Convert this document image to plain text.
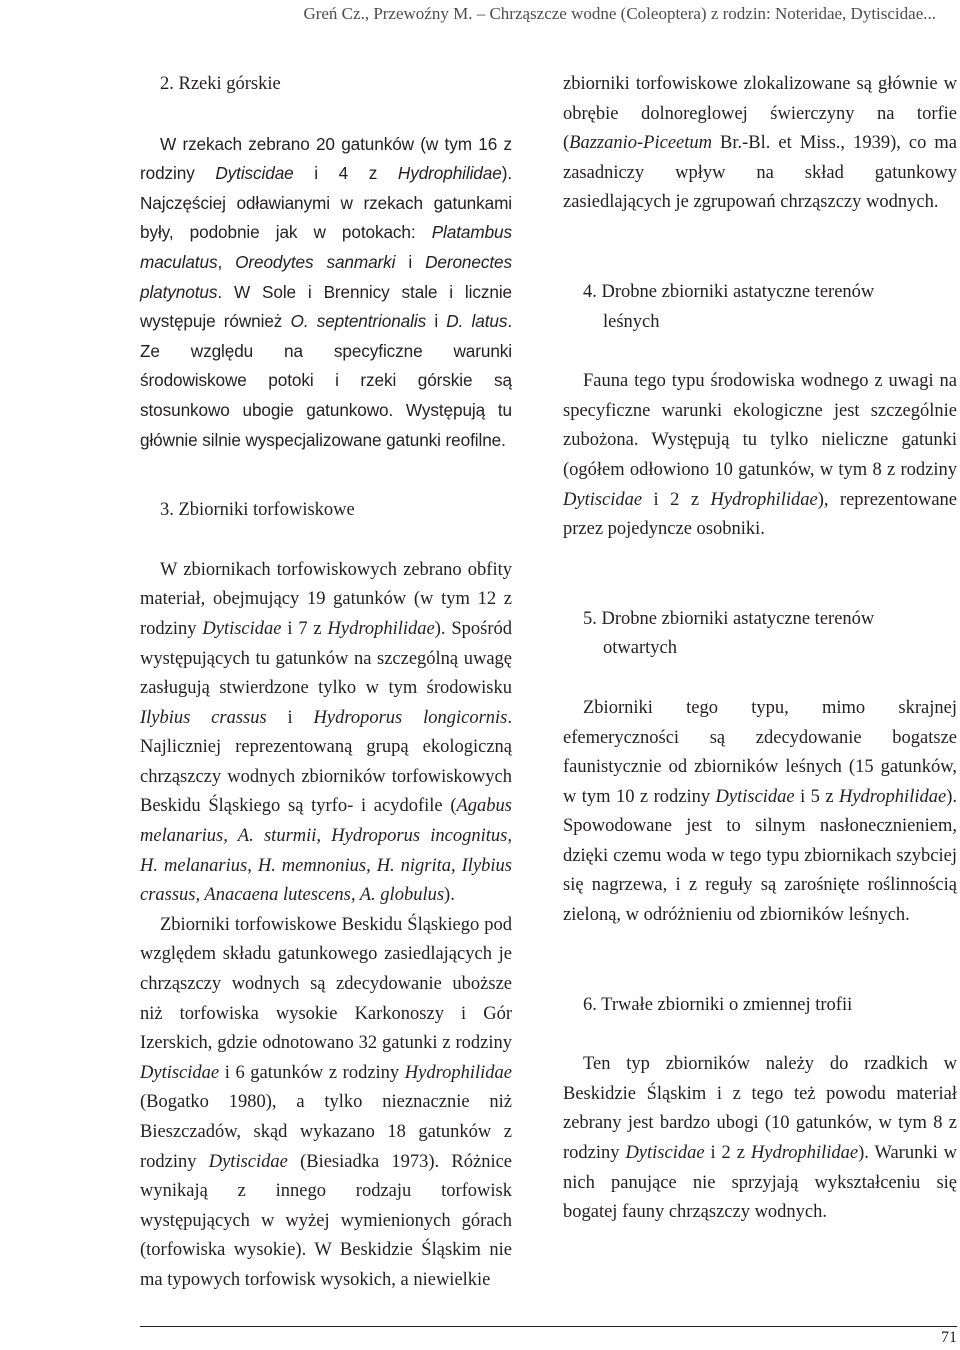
Greń Cz., Przewoźny M. – Chrząszcze wodne (Coleoptera) z rodzin: Noteridae, Dytiscidae...
2. Rzeki górskie

W rzekach zebrano 20 gatunków (w tym 16 z rodziny Dytiscidae i 4 z Hydrophilidae). Najczęściej odławianymi w rzekach gatunkami były, podobnie jak w potokach: Platambus maculatus, Oreodytes sanmarki i Deronectes platynotus. W Sole i Brennicy stale i licznie występuje również O. septentrionalis i D. latus. Ze względu na specyficzne warunki środowiskowe potoki i rzeki górskie są stosunkowo ubogie gatunkowo. Występują tu głównie silnie wyspecjalizowane gatunki reofilne.

3. Zbiorniki torfowiskowe

W zbiornikach torfowiskowych zebrano obfity materiał, obejmujący 19 gatunków (w tym 12 z rodziny Dytiscidae i 7 z Hydrophilidae). Spośród występujących tu gatunków na szczególną uwagę zasługują stwierdzone tylko w tym środowisku Ilybius crassus i Hydroporus longicornis. Najliczniej reprezentowaną grupą ekologiczną chrząszczy wodnych zbiorników torfowiskowych Beskidu Śląskiego są tyrfo- i acydofile (Agabus melanarius, A. sturmii, Hydroporus incognitus, H. melanarius, H. memnonius, H. nigrita, Ilybius crassus, Anacaena lutescens, A. globulus).

Zbiorniki torfowiskowe Beskidu Śląskiego pod względem składu gatunkowego zasiedlających je chrząszczy wodnych są zdecydowanie uboższe niż torfowiska wysokie Karkonoszy i Gór Izerskich, gdzie odnotowano 32 gatunki z rodziny Dytiscidae i 6 gatunków z rodziny Hydrophilidae (Bogatko 1980), a tylko nieznacznie niż Bieszczadów, skąd wykazano 18 gatunków z rodziny Dytiscidae (Biesiadka 1973). Różnice wynikają z innego rodzaju torfowisk występujących w wyżej wymienionych górach (torfowiska wysokie). W Beskidzie Śląskim nie ma typowych torfowisk wysokich, a niewielkie

zbiorniki torfowiskowe zlokalizowane są głównie w obrębie dolnoreglowej świerczyny na torfie (Bazzanio-Piceetum Br.-Bl. et Miss., 1939), co ma zasadniczy wpływ na skład gatunkowy zasiedlających je zgrupowań chrząszczy wodnych.

4. Drobne zbiorniki astatyczne terenów
leśnych

Fauna tego typu środowiska wodnego z uwagi na specyficzne warunki ekologiczne jest szczególnie zubożona. Występują tu tylko nieliczne gatunki (ogółem odłowiono 10 gatunków, w tym 8 z rodziny Dytiscidae i 2 z Hydrophilidae), reprezentowane przez pojedyncze osobniki.

5. Drobne zbiorniki astatyczne terenów
otwartych

Zbiorniki tego typu, mimo skrajnej efemeryczności są zdecydowanie bogatsze faunistycznie od zbiorników leśnych (15 gatunków, w tym 10 z rodziny Dytiscidae i 5 z Hydrophilidae). Spowodowane jest to silnym nasłonecznieniem, dzięki czemu woda w tego typu zbiornikach szybciej się nagrzewa, i z reguły są zarośnięte roślinnością zieloną, w odróżnieniu od zbiorników leśnych.

6. Trwałe zbiorniki o zmiennej trofii

Ten typ zbiorników należy do rzadkich w Beskidzie Śląskim i z tego też powodu materiał zebrany jest bardzo ubogi (10 gatunków, w tym 8 z rodziny Dytiscidae i 2 z Hydrophilidae). Warunki w nich panujące nie sprzyjają wykształceniu się bogatej fauny chrząszczy wodnych.

71
